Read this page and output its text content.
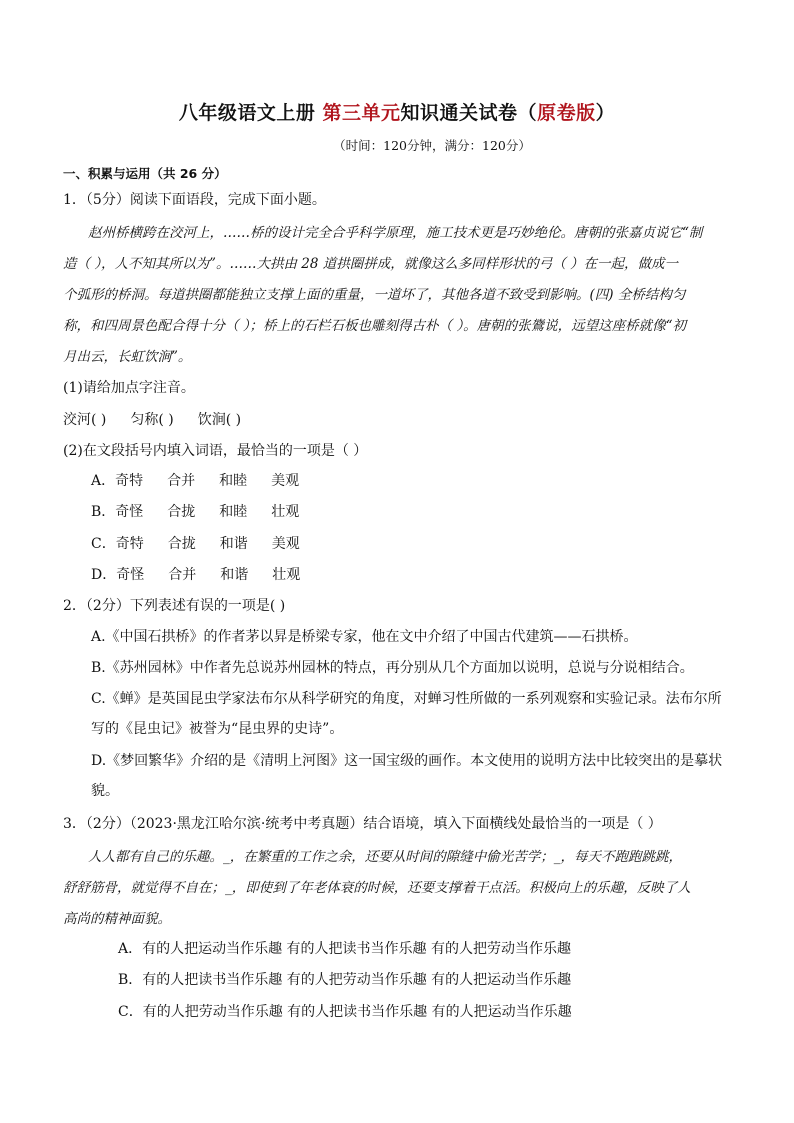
八年级语文上册 第三单元知识通关试卷（原卷版）
（时间：120分钟，满分：120分）
一、积累与运用（共 26 分）
1．（5分）阅读下面语段，完成下面小题。
赵州桥横跨在洨河上，……桥的设计完全合乎科学原理，施工技术更是巧妙绝伦。唐朝的张嘉贞说它“制
造（ ），人不知其所以为”。……大拱由 28 道拱圈拼成，就像这么多同样形状的弓（ ）在一起，做成一
个弧形的桥洞。每道拱圈都能独立支撑上面的重量，一道坏了，其他各道不致受到影响。(四) 全桥结构匀
称，和四周景色配合得十分（ ）；桥上的石栏石板也雕刻得古朴（ ）。唐朝的张鷟说，远望这座桥就像“初
月出云，长虹饮涧”。
(1)请给加点字注音。
洨河( ) 匀称( ) 饮涧( )
(2)在文段括号内填入词语，最恰当的一项是（ ）
A．奇特 合并 和睦 美观
B．奇怪 合拢 和睦 壮观
C．奇特 合拢 和谐 美观
D．奇怪 合并 和谐 壮观
2．（2分）下列表述有误的一项是( )
A.《中国石拱桥》的作者茅以昇是桥梁专家，他在文中介绍了中国古代建筑——石拱桥。
B.《苏州园林》中作者先总说苏州园林的特点，再分别从几个方面加以说明，总说与分说相结合。
C.《蝉》是英国昆虫学家法布尔从科学研究的角度，对蝉习性所做的一系列观察和实验记录。法布尔所
写的《昆虫记》被誉为“昆虫界的史诗”。
D.《梦回繁华》介绍的是《清明上河图》这一国宝级的画作。本文使用的说明方法中比较突出的是摹状
貌。
3．（2分）（2023·黑龙江哈尔滨·统考中考真题）结合语境，填入下面横线处最恰当的一项是（ ）
人人都有自己的乐趣。_，在繁重的工作之余，还要从时间的隙缝中偷光苦学；_，每天不跑跑跳跳，
舒舒筋骨，就觉得不自在；_，即使到了年老体衰的时候，还要支撑着干点活。积极向上的乐趣，反映了人
高尚的精神面貌。
A．有的人把运动当作乐趣 有的人把读书当作乐趣 有的人把劳动当作乐趣
B．有的人把读书当作乐趣 有的人把劳动当作乐趣 有的人把运动当作乐趣
C．有的人把劳动当作乐趣 有的人把读书当作乐趣 有的人把运动当作乐趣
